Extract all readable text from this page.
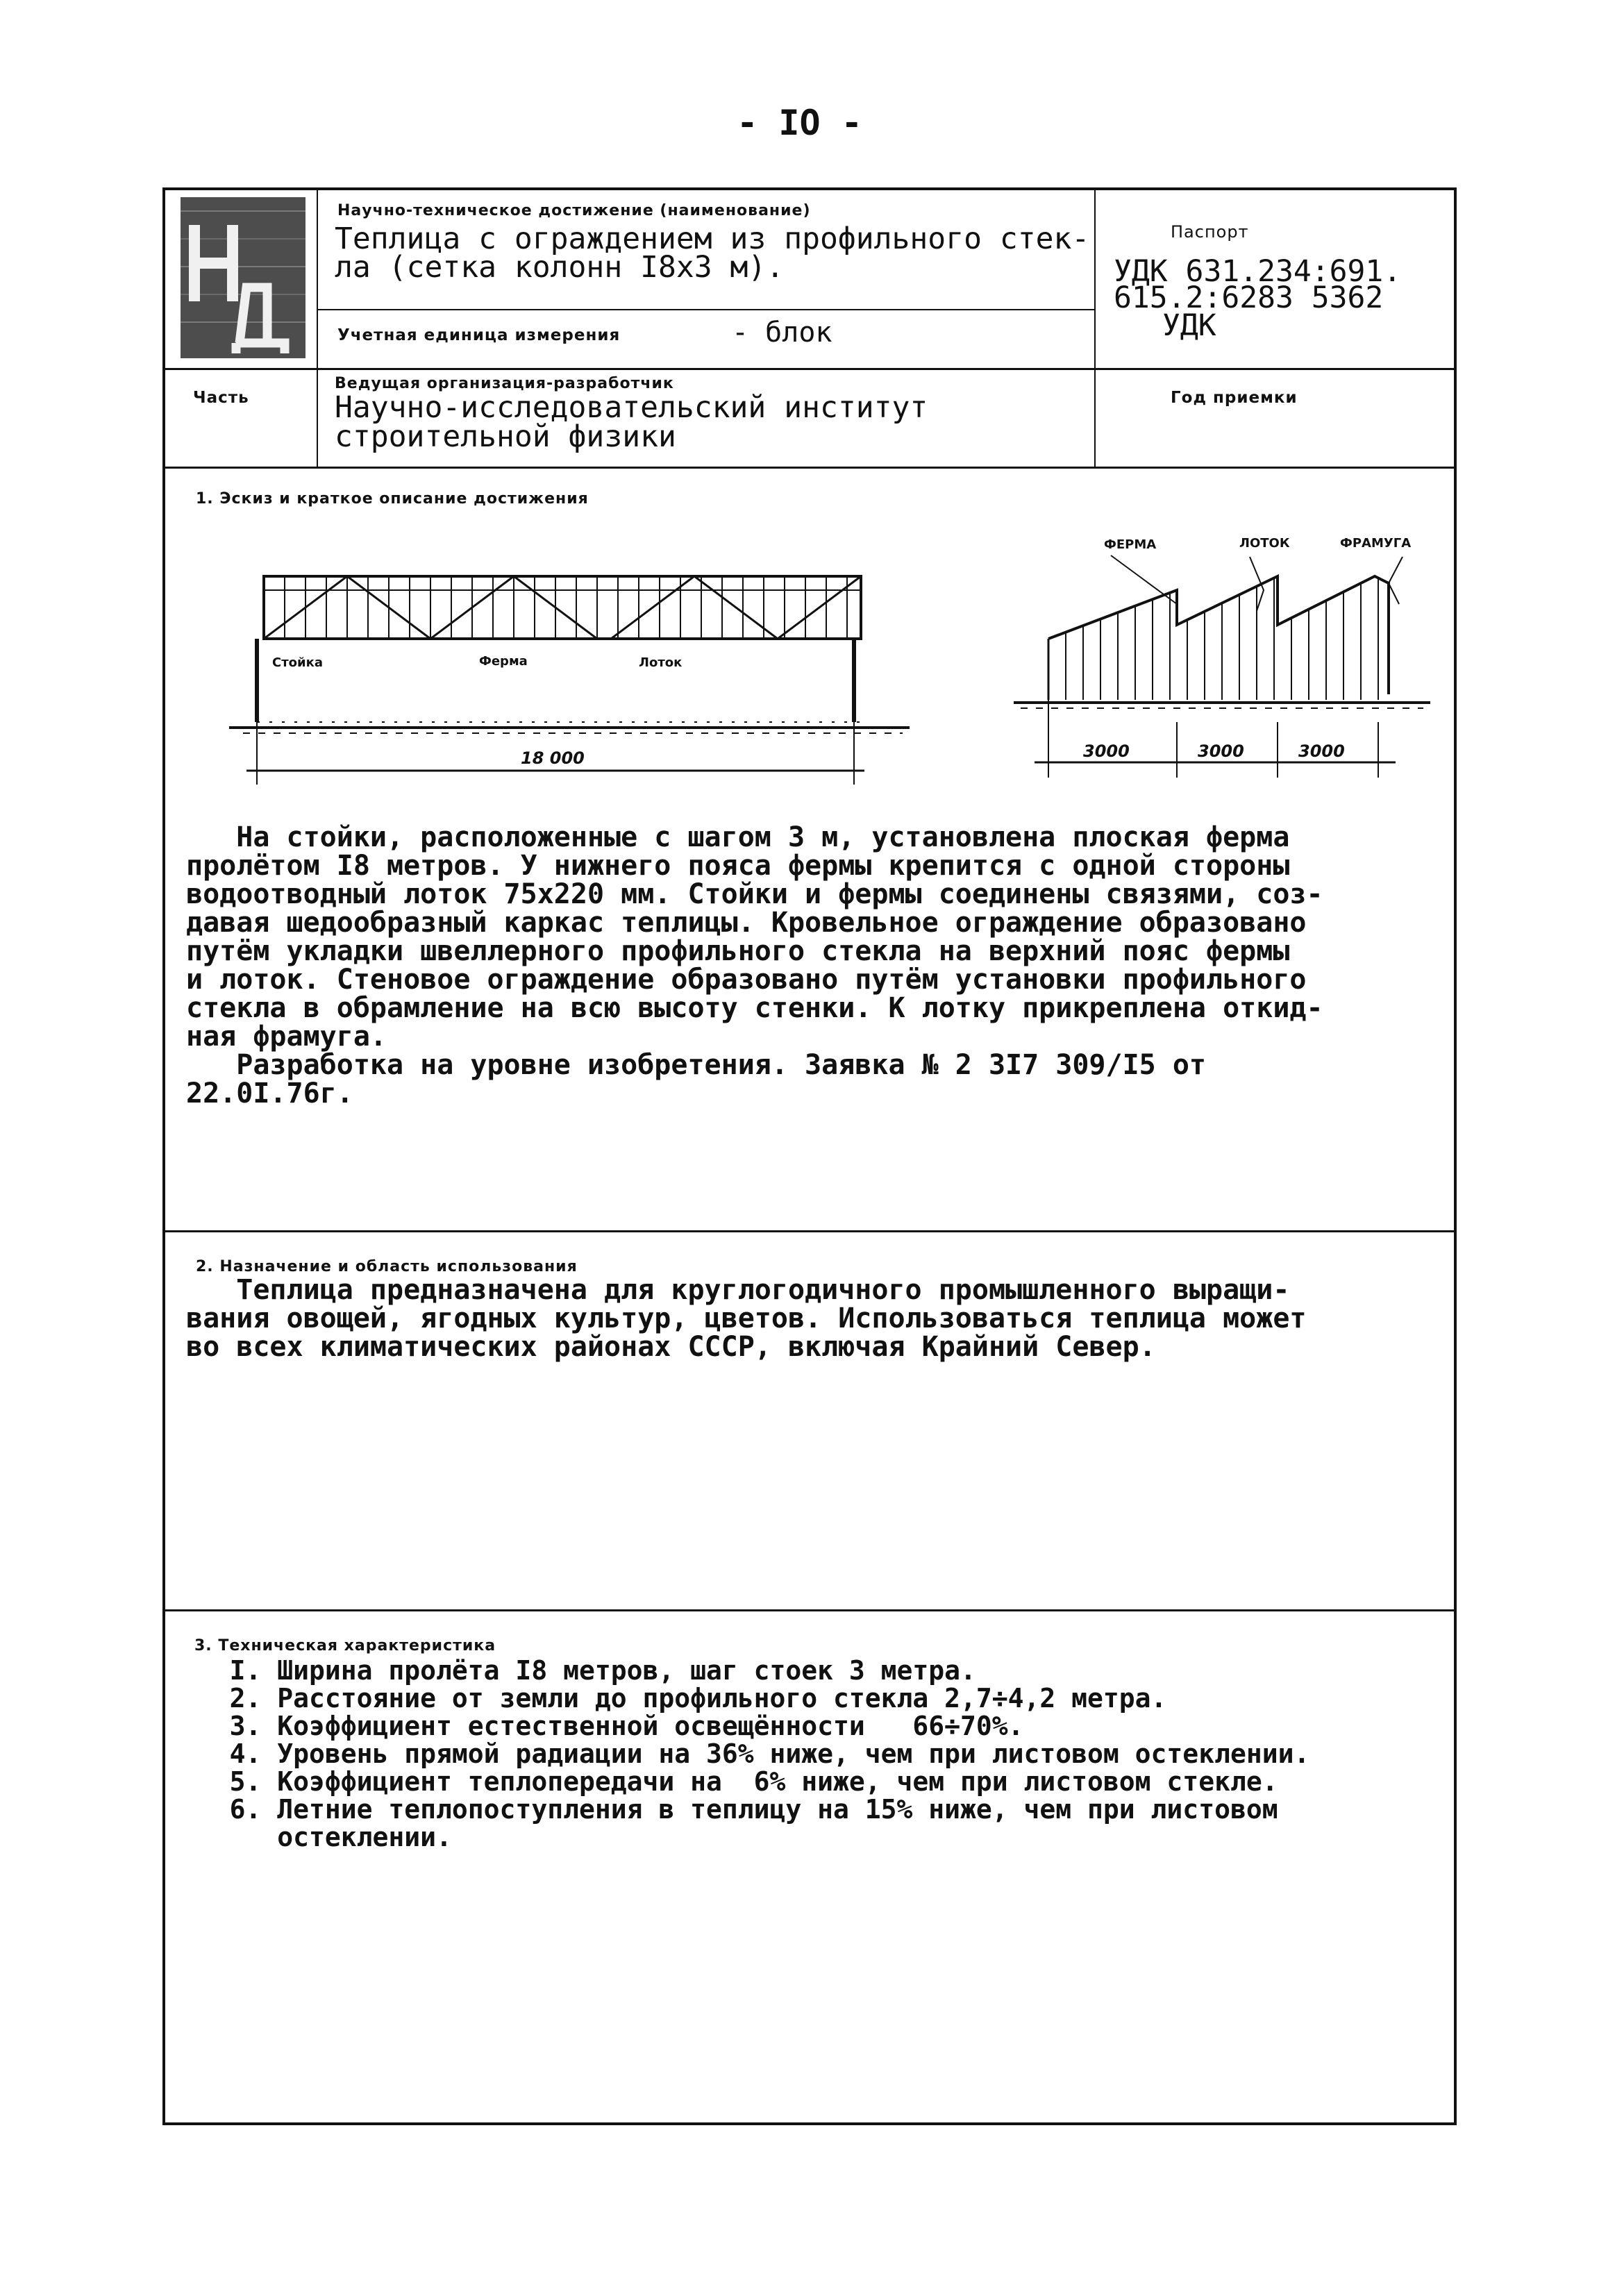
- IO -
Научно-техническое достижение (наименование)
Теплица с ограждением из профильного стек-
ла (сетка колонн I8x3 м).
Учетная единица измерения	- блок
Паспорт
УДК 631.234:691.
615.2:6283 5362
УДК
Часть
Ведущая организация-разработчик
Научно-исследовательский институт
строительной физики
Год приемки
1. Эскиз и краткое описание достижения
Стойка	Ферма	Лоток
18 000
ФЕРМА	ЛОТОК	ФРАМУГА
3000	3000	3000
На стойки, расположенные с шагом 3 м, установлена плоская ферма
пролётом I8 метров. У нижнего пояса фермы крепится с одной стороны
водоотводный лоток 75x220 мм. Стойки и фермы соединены связями, соз-
давая шедообразный каркас теплицы. Кровельное ограждение образовано
путём укладки швеллерного профильного стекла на верхний пояс фермы
и лоток. Стеновое ограждение образовано путём установки профильного
стекла в обрамление на всю высоту стенки. К лотку прикреплена откид-
ная фрамуга.
Разработка на уровне изобретения. Заявка № 2 3I7 309/I5 от
22.0I.76г.
2. Назначение и область использования
Теплица предназначена для круглогодичного промышленного выращи-
вания овощей, ягодных культур, цветов. Использоваться теплица может
во всех климатических районах СССР, включая Крайний Север.
3. Техническая характеристика
I. Ширина пролёта I8 метров, шаг стоек 3 метра.
2. Расстояние от земли до профильного стекла 2,7÷4,2 метра.
3. Коэффициент естественной освещённости   66÷70%.
4. Уровень прямой радиации на 36% ниже, чем при листовом остеклении.
5. Коэффициент теплопередачи на  6% ниже, чем при листовом стекле.
6. Летние теплопоступления в теплицу на 15% ниже, чем при листовом
остеклении.
